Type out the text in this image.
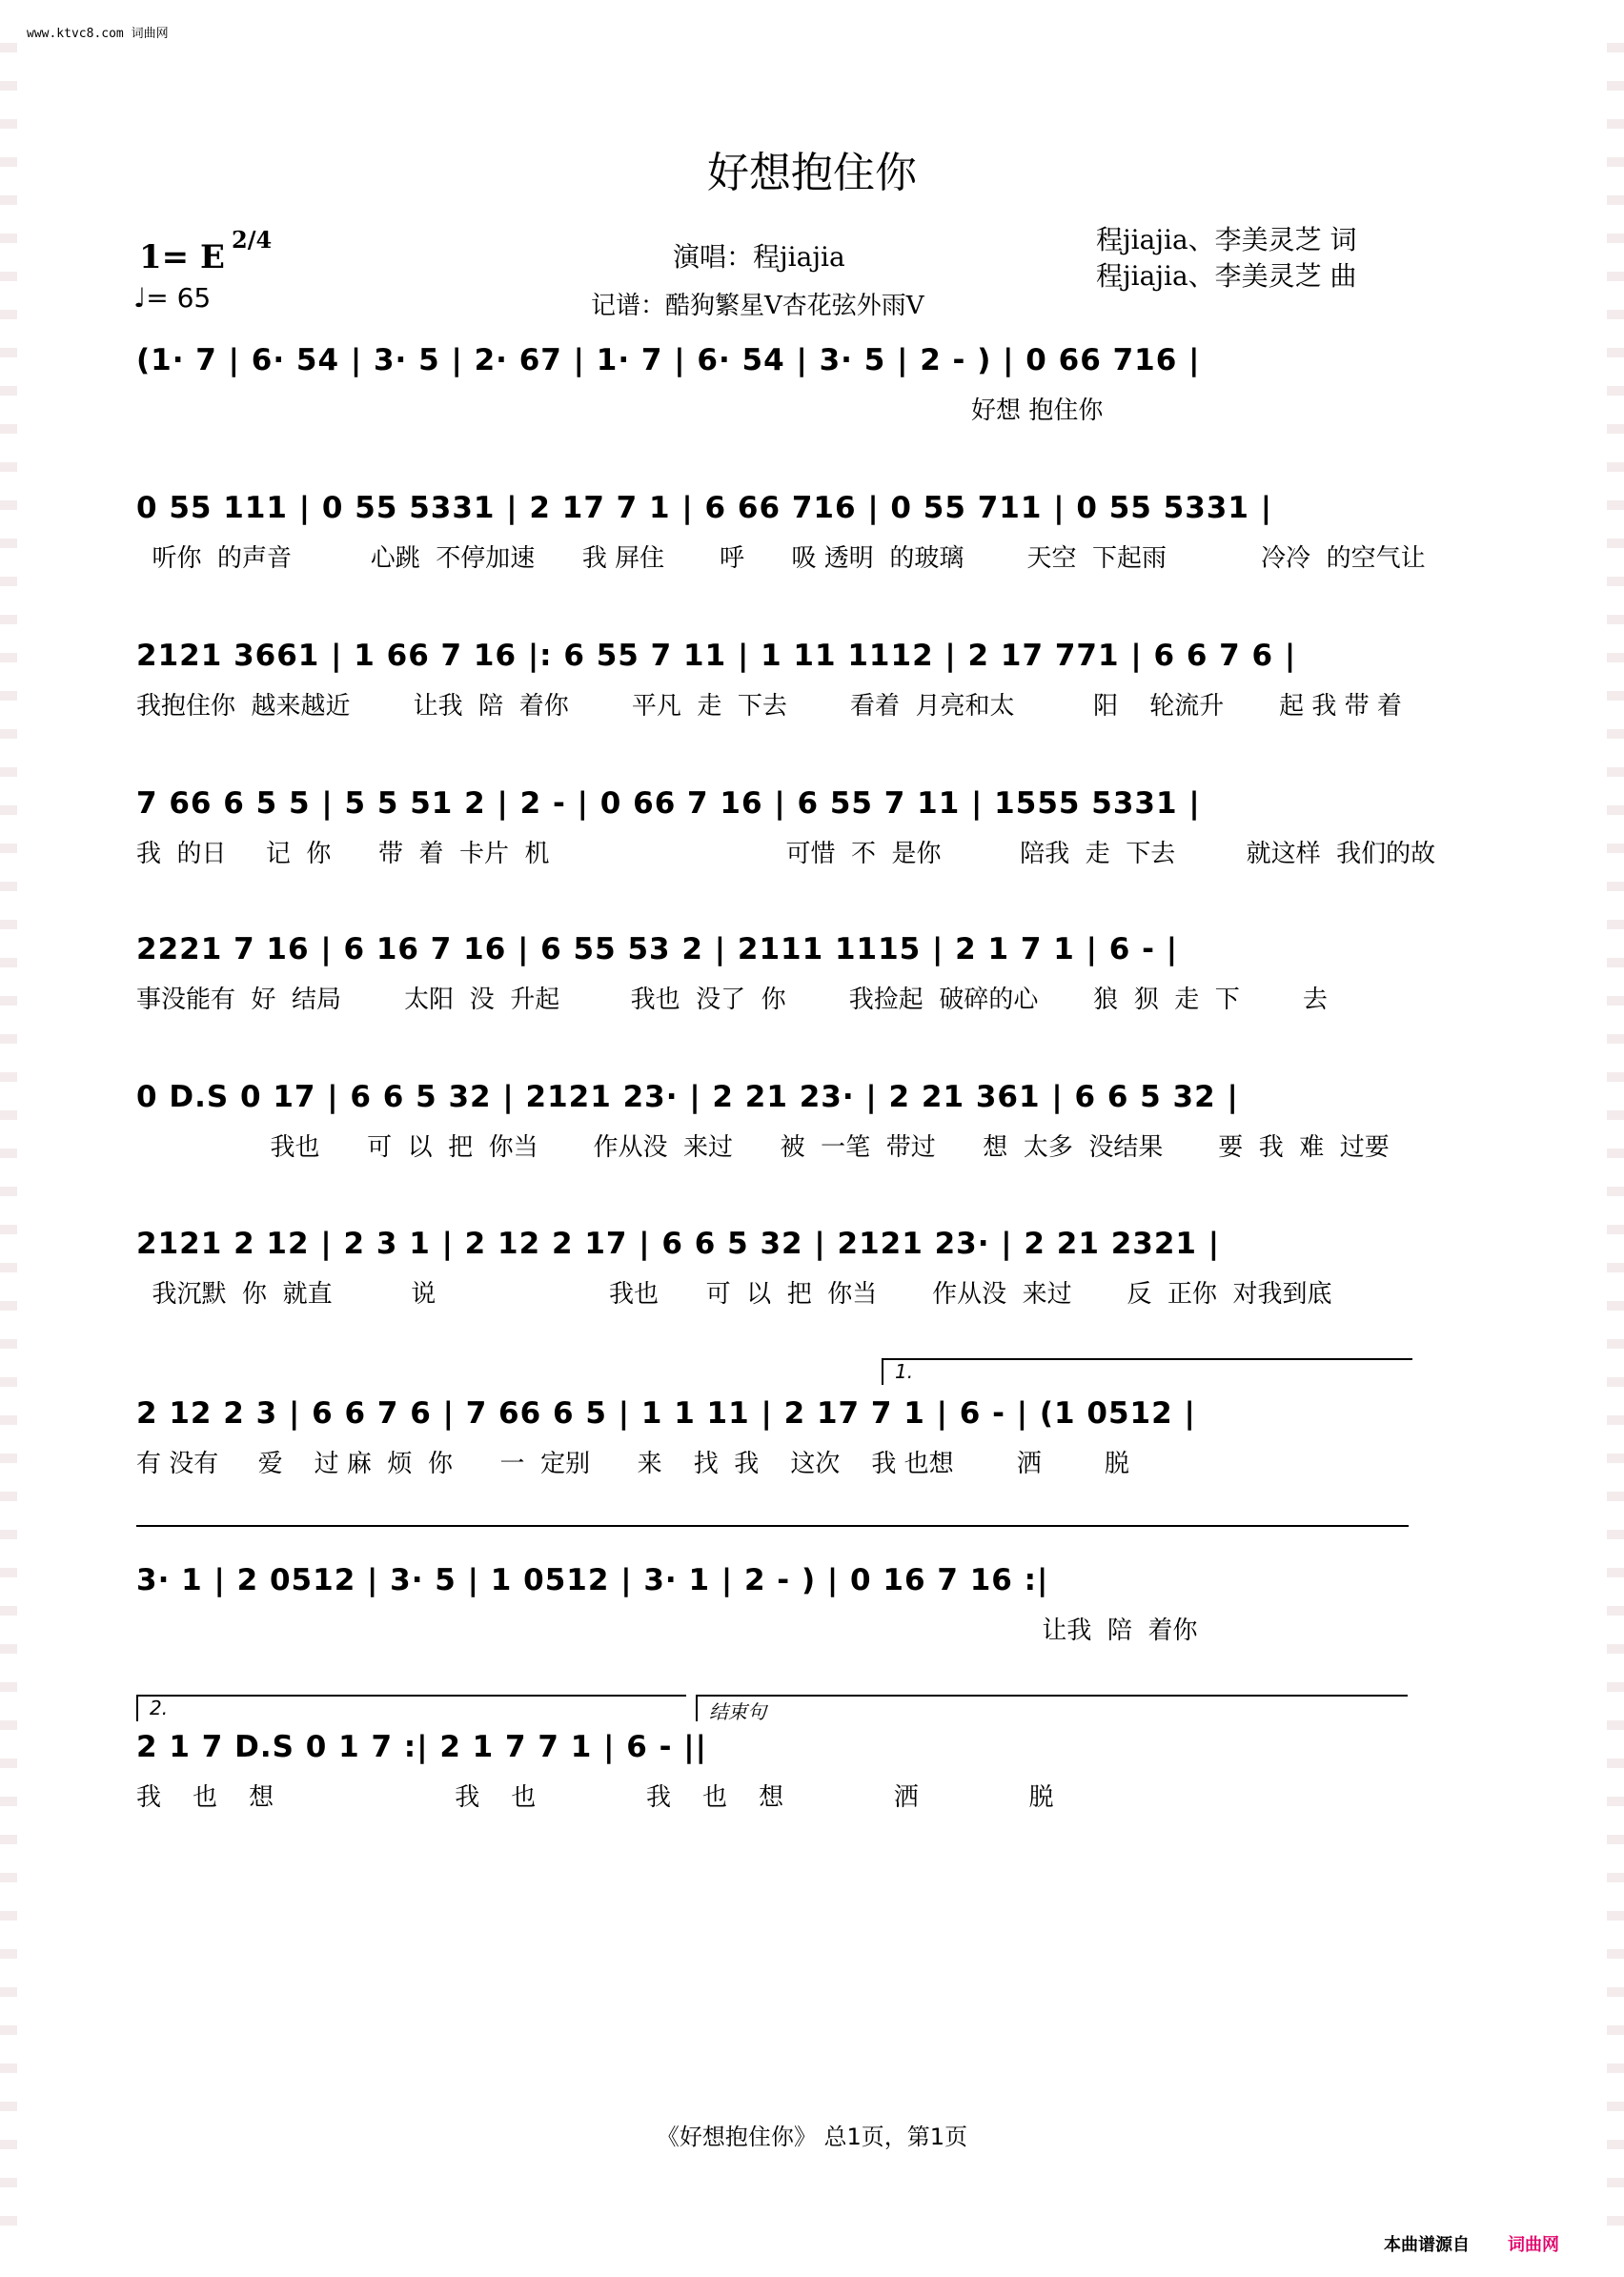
www.ktvc8.com 词曲网
好想抱住你
1= E 2/4
♩= 65
演唱：程jiajia
记谱：酷狗繁星V杏花弦外雨V
程jiajia、李美灵芝 词
程jiajia、李美灵芝 曲
(1· 7 | 6· 54 | 3· 5 | 2· 67 | 1· 7 | 6· 54 | 3· 5 | 2 - ) | 0 66 716 |
好想 抱住你
0 55 111 | 0 55 5331 | 2 17 7 1 | 6 66 716 | 0 55 711 | 0 55 5331 |
听你  的声音          心跳  不停加速      我 屏住       呼      吸 透明  的玻璃        天空  下起雨            冷冷  的空气让
2121 3661 | 1 66 7 16 |: 6 55 7 11 | 1 11 1112 | 2 17 771 | 6 6 7 6 |
我抱住你  越来越近        让我  陪  着你        平凡  走  下去        看着  月亮和太          阳    轮流升       起 我 带 着
7 66 6 5 5 | 5 5 51 2 | 2 - | 0 66 7 16 | 6 55 7 11 | 1555 5331 |
我  的日     记  你      带  着  卡片  机                              可惜  不  是你          陪我  走  下去         就这样  我们的故
2221 7 16 | 6 16 7 16 | 6 55 53 2 | 2111 1115 | 2 1 7 1 | 6 - |
事没能有  好  结局        太阳  没  升起         我也  没了  你        我捡起  破碎的心       狼  狈  走  下        去
0 D.S 0 17 | 6 6 5 32 | 2121 23· | 2 21 23· | 2 21 361 | 6 6 5 32 |
我也      可  以  把  你当       作从没  来过      被  一笔  带过      想  太多  没结果       要  我  难  过要
2121 2 12 | 2 3 1 | 2 12 2 17 | 6 6 5 32 | 2121 23· | 2 21 2321 |
我沉默  你  就直          说                      我也      可  以  把  你当       作从没  来过       反  正你  对我到底
1.
2 12 2 3 | 6 6 7 6 | 7 66 6 5 | 1 1 11 | 2 17 7 1 | 6 - | (1 0512 |
有 没有     爱    过 麻  烦  你      一  定别      来    找  我    这次    我 也想        洒        脱
3· 1 | 2 0512 | 3· 5 | 1 0512 | 3· 1 | 2 - ) | 0 16 7 16 :|
让我  陪  着你
2.	结束句
2 1 7 D.S 0 1 7 :| 2 1 7 7 1 | 6 - ||
我    也    想                       我    也              我    也    想              洒              脱
《好想抱住你》 总1页，第1页
本曲谱源自 词曲网
